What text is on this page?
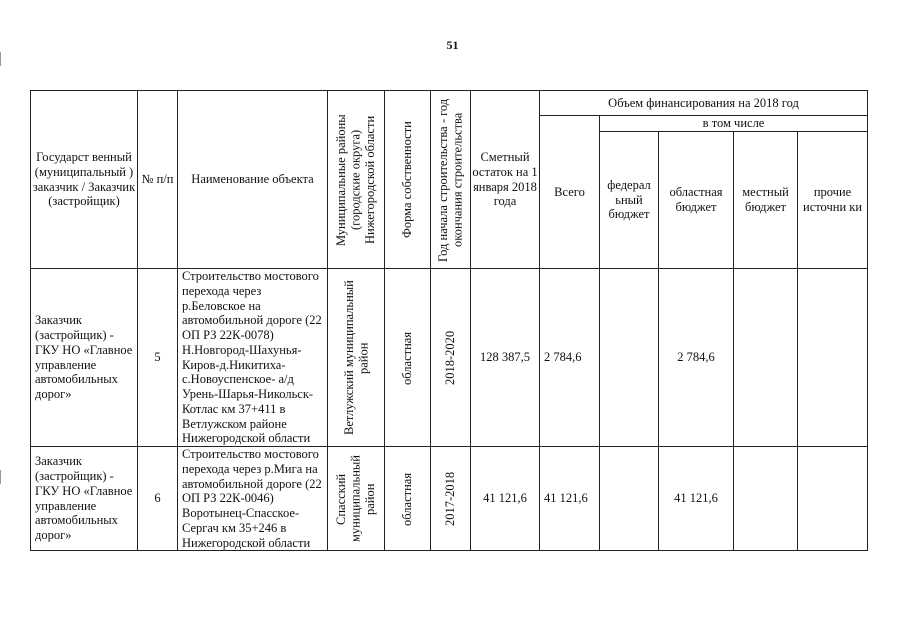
51
Государст венный (муниципальный ) заказчик / Заказчик (застройщик)	№ п/п	Наименование объекта	Муниципальные районы (городские округа) Нижегородской области	Форма собственности	Год начала строительства - год окончания строительства	Сметный остаток на 1 января 2018 года	Объем финансирования на 2018 год				
							Всего	в том числе			
								федерал ьный бюджет	областная бюджет	местный бюджет	прочие источни ки
Заказчик (застройщик) - ГКУ НО «Главное управление автомобильных дорог»	5	Строительство мостового перехода через р.Беловское на автомобильной дороге (22 ОП РЗ 22К-0078) Н.Новгород-Шахунья-Киров-д.Никитиха-с.Новоуспенское- а/д Урень-Шарья-Никольск-Котлас км 37+411 в Ветлужском районе Нижегородской области	Ветлужский муниципальный район	областная	2018-2020	128 387,5	2 784,6		2 784,6		
Заказчик (застройщик) - ГКУ НО «Главное управление автомобильных дорог»	6	Строительство мостового перехода через р.Мига на автомобильной дороге (22 ОП РЗ 22К-0046) Воротынец-Спасское-Сергач км 35+246 в Нижегородской области	Спасский муниципальный район	областная	2017-2018	41 121,6	41 121,6		41 121,6		
